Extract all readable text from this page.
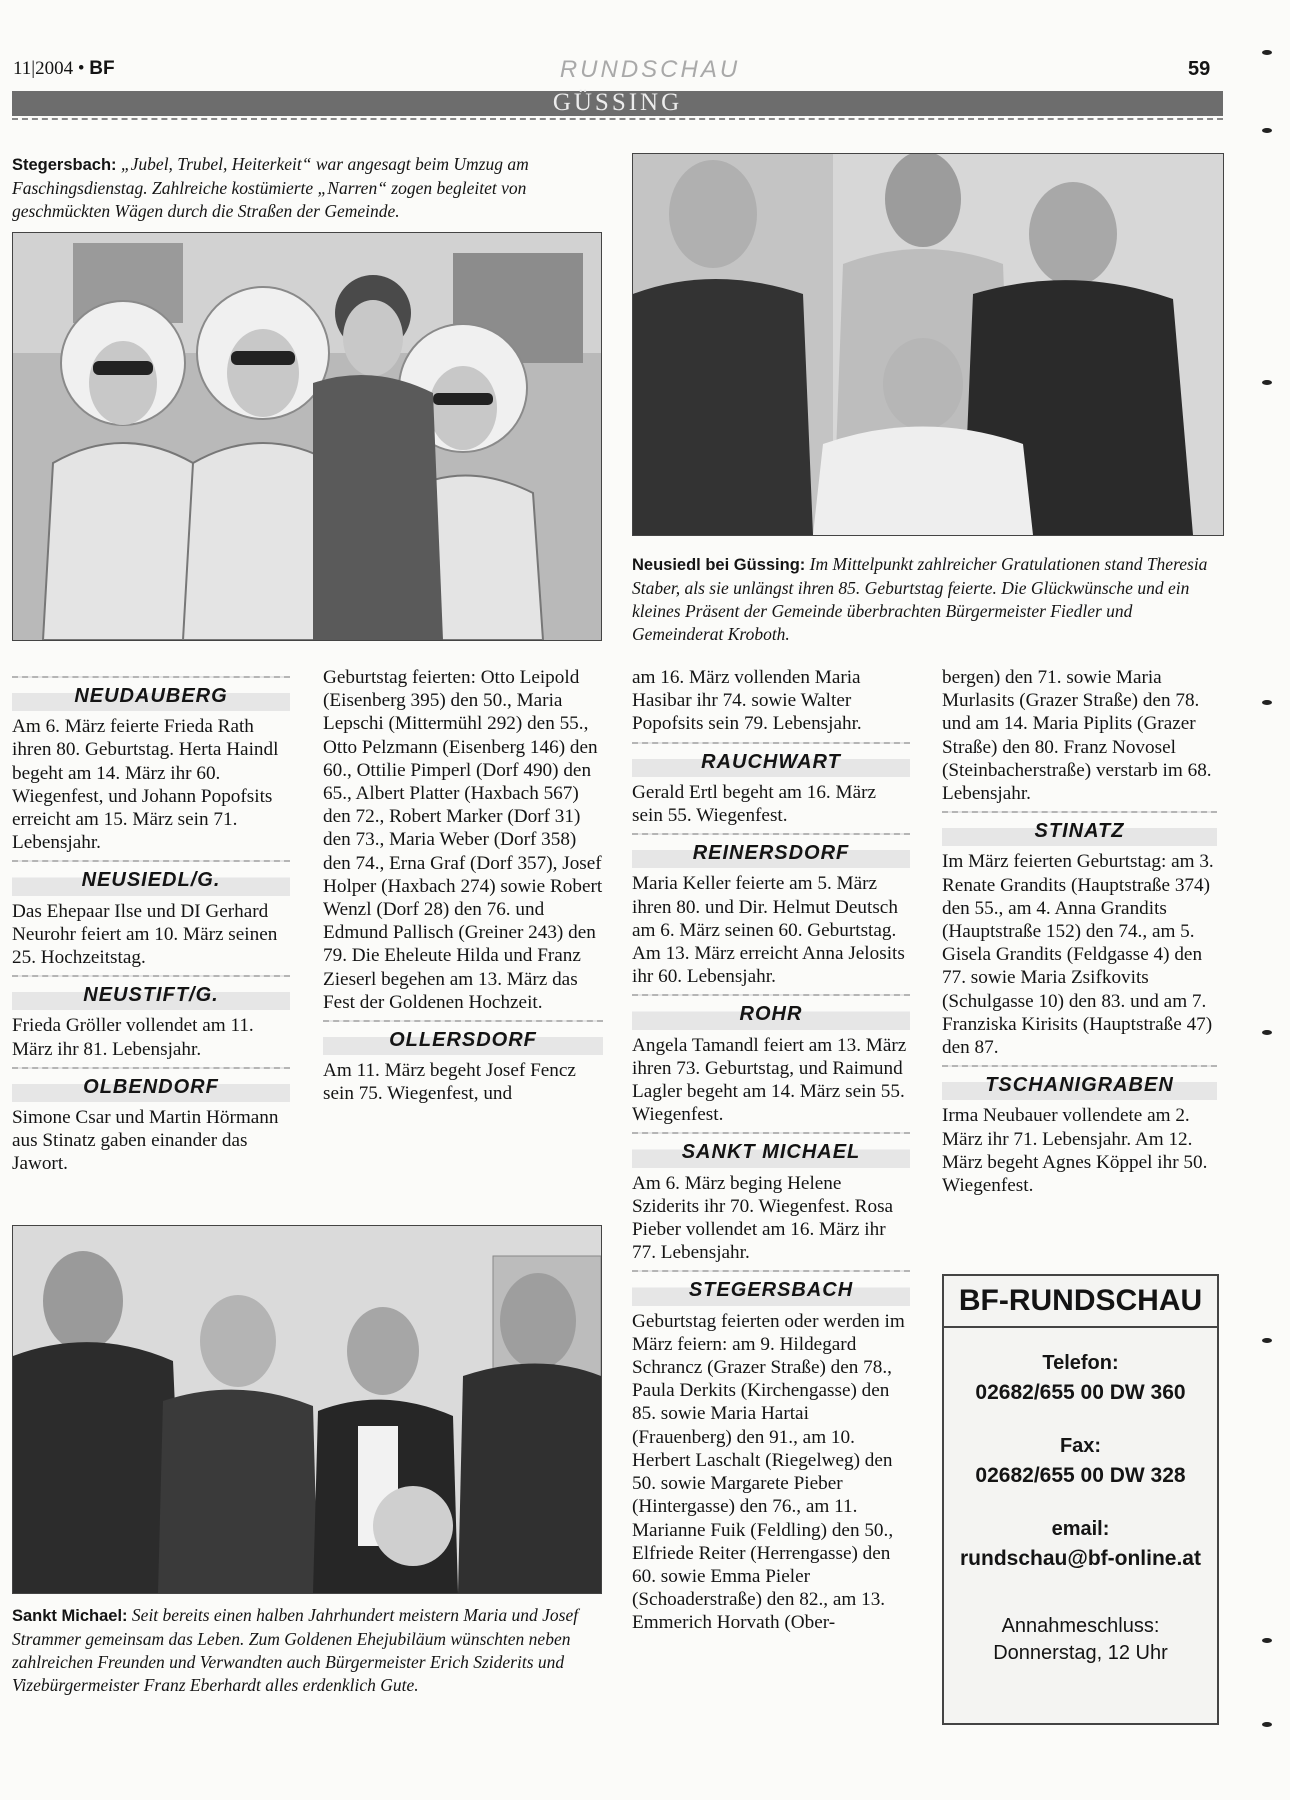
11|2004 • BF	RUNDSCHAU	59
GÜSSING
Stegersbach: „Jubel, Trubel, Heiterkeit“ war angesagt beim Umzug am Faschingsdienstag. Zahlreiche kostümierte „Narren“ zogen begleitet von geschmückten Wägen durch die Straßen der Gemeinde.
Neusiedl bei Güssing: Im Mittelpunkt zahlreicher Gratulationen stand Theresia Staber, als sie unlängst ihren 85. Geburtstag feierte. Die Glückwünsche und ein kleines Präsent der Gemeinde überbrachten Bürgermeister Fiedler und Gemeinderat Kroboth.
NEUDAUBERG

Am 6. März feierte Frieda Rath ihren 80. Geburtstag. Herta Haindl begeht am 14. März ihr 60. Wiegenfest, und Johann Popofsits erreicht am 15. März sein 71. Lebensjahr.

NEUSIEDL/G.

Das Ehepaar Ilse und DI Gerhard Neurohr feiert am 10. März seinen 25. Hochzeitstag.

NEUSTIFT/G.

Frieda Gröller vollendet am 11. März ihr 81. Lebensjahr.

OLBENDORF

Simone Csar und Martin Hörmann aus Stinatz gaben einander das Jawort.

Geburtstag feierten: Otto Leipold (Eisenberg 395) den 50., Maria Lepschi (Mittermühl 292) den 55., Otto Pelzmann (Eisenberg 146) den 60., Ottilie Pimperl (Dorf 490) den 65., Albert Platter (Haxbach 567) den 72., Robert Marker (Dorf 31) den 73., Maria Weber (Dorf 358) den 74., Erna Graf (Dorf 357), Josef Holper (Haxbach 274) sowie Robert Wenzl (Dorf 28) den 76. und Edmund Pallisch (Greiner 243) den 79. Die Eheleute Hilda und Franz Zieserl begehen am 13. März das Fest der Goldenen Hochzeit.

OLLERSDORF

Am 11. März begeht Josef Fencz sein 75. Wiegenfest, und

Sankt Michael: Seit bereits einen halben Jahrhundert meistern Maria und Josef Strammer gemeinsam das Leben. Zum Goldenen Ehejubiläum wünschten neben zahlreichen Freunden und Verwandten auch Bürgermeister Erich Sziderits und Vizebürgermeister Franz Eberhardt alles erdenklich Gute.

am 16. März vollenden Maria Hasibar ihr 74. sowie Walter Popofsits sein 79. Lebensjahr.

RAUCHWART

Gerald Ertl begeht am 16. März sein 55. Wiegenfest.

REINERSDORF

Maria Keller feierte am 5. März ihren 80. und Dir. Helmut Deutsch am 6. März seinen 60. Geburtstag. Am 13. März erreicht Anna Jelosits ihr 60. Lebensjahr.

ROHR

Angela Tamandl feiert am 13. März ihren 73. Geburtstag, und Raimund Lagler begeht am 14. März sein 55. Wiegenfest.

SANKT MICHAEL

Am 6. März beging Helene Sziderits ihr 70. Wiegenfest. Rosa Pieber vollendet am 16. März ihr 77. Lebensjahr.

STEGERSBACH

Geburtstag feierten oder werden im März feiern: am 9. Hildegard Schrancz (Grazer Straße) den 78., Paula Derkits (Kirchengasse) den 85. sowie Maria Hartai (Frauenberg) den 91., am 10. Herbert Laschalt (Riegelweg) den 50. sowie Margarete Pieber (Hintergasse) den 76., am 11. Marianne Fuik (Feldling) den 50., Elfriede Reiter (Herrengasse) den 60. sowie Emma Pieler (Schoaderstraße) den 82., am 13. Emmerich Horvath (Ober-

bergen) den 71. sowie Maria Murlasits (Grazer Straße) den 78. und am 14. Maria Piplits (Grazer Straße) den 80. Franz Novosel (Steinbacherstraße) verstarb im 68. Lebensjahr.

STINATZ

Im März feierten Geburtstag: am 3. Renate Grandits (Hauptstraße 374) den 55., am 4. Anna Grandits (Hauptstraße 152) den 74., am 5. Gisela Grandits (Feldgasse 4) den 77. sowie Maria Zsifkovits (Schulgasse 10) den 83. und am 7. Franziska Kirisits (Hauptstraße 47) den 87.

TSCHANIGRABEN

Irma Neubauer vollendete am 2. März ihr 71. Lebensjahr. Am 12. März begeht Agnes Köppel ihr 50. Wiegenfest.

BF-RUNDSCHAU
Telefon:
02682/655 00 DW 360
Fax:
02682/655 00 DW 328
email:
rundschau@bf-online.at
Annahmeschluss:
Donnerstag, 12 Uhr
